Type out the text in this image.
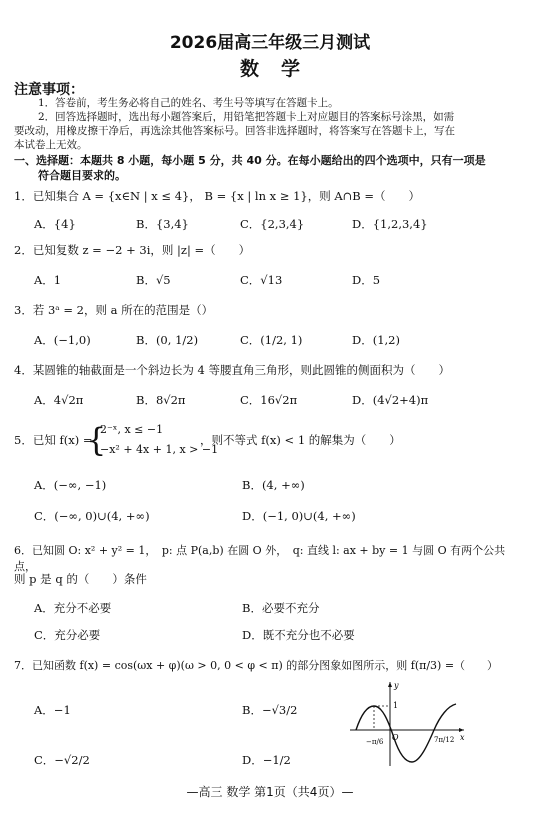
2026届高三年级三月测试
数学
注意事项：
1．答卷前，考生务必将自己的姓名、考生号等填写在答题卡上。
2．回答选择题时，选出每小题答案后，用铅笔把答题卡上对应题目的答案标号涂黑，如需
要改动，用橡皮擦干净后，再选涂其他答案标号。回答非选择题时，将答案写在答题卡上，写在
本试卷上无效。
一、选择题：本题共 8 小题，每小题 5 分，共 40 分。在每小题给出的四个选项中，只有一项是
符合题目要求的。
1．已知集合 A = {x∈N | x ≤ 4}， B = {x | ln x ≥ 1}，则 A∩B =（　　）
A．{4}	B．{3,4}	C．{2,3,4}	D．{1,2,3,4}
2．已知复数 z = −2 + 3i，则 |z| =（　　）
A．1	B．√5	C．√13	D．5
3．若 3ᵃ = 2，则 a 所在的范围是（）
A．(−1,0)	B．(0, 1/2)	C．(1/2, 1)	D．(1,2)
4．某圆锥的轴截面是一个斜边长为 4 等腰直角三角形，则此圆锥的侧面积为（　　）
A．4√2π	B．8√2π	C．16√2π	D．(4√2+4)π
5．已知 f(x) =
{
2⁻ˣ, x ≤ −1
−x² + 4x + 1, x > −1
，则不等式 f(x) < 1 的解集为（　　）
A．(−∞, −1)	B．(4, +∞)
C．(−∞, 0)∪(4, +∞)	D．(−1, 0)∪(4, +∞)
6．已知圆 O: x² + y² = 1，　p: 点 P(a,b) 在圆 O 外，　q: 直线 l: ax + by = 1 与圆 O 有两个公共点，
则 p 是 q 的（　　）条件
A．充分不必要	B．必要不充分
C．充分必要	D．既不充分也不必要
7．已知函数 f(x) = cos(ωx + φ)(ω > 0, 0 < φ < π) 的部分图象如图所示，则 f(π/3) =（　　）
A．−1	B．−√3/2
C．−√2/2	D．−1/2
y
x
1
O
−π/6	7π/12
—高三 数学 第1页（共4页）—
